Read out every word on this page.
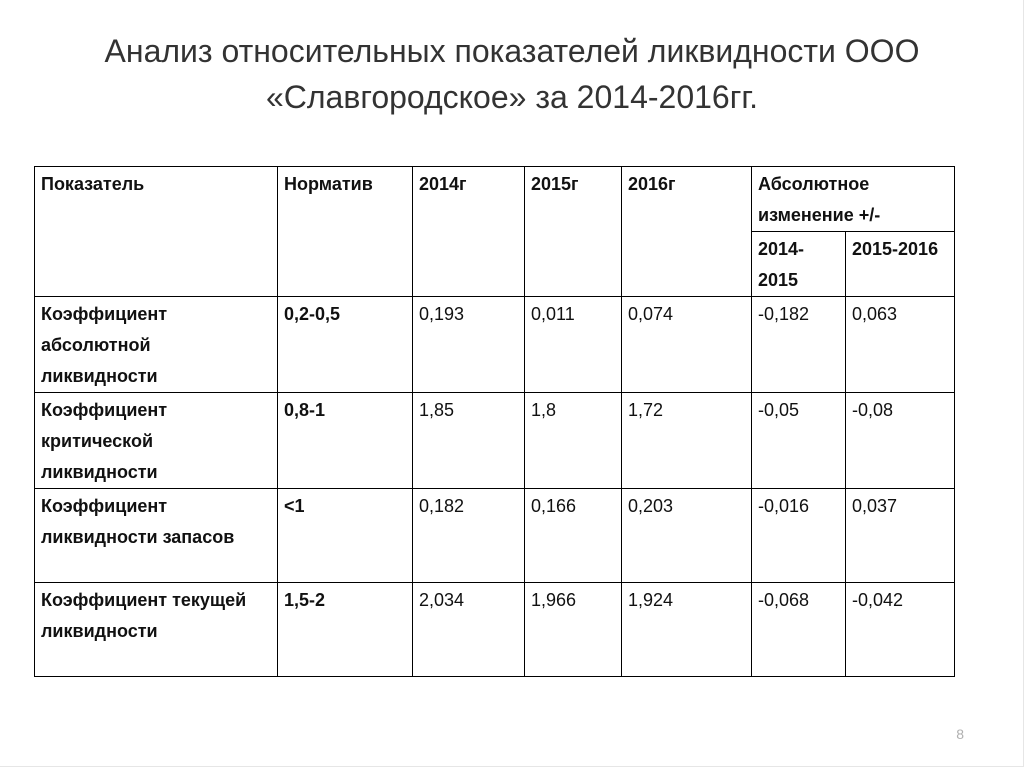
Анализ относительных показателей ликвидности ООО
«Славгородское» за 2014-2016гг.
Показатель	Норматив	2014г	2015г	2016г	Абсолютное изменение +/-	
					2014-2015	2015-2016
Коэффициент абсолютной ликвидности	0,2-0,5	0,193	0,011	0,074	-0,182	0,063
Коэффициент критической ликвидности	0,8-1	1,85	1,8	1,72	-0,05	-0,08
Коэффициент ликвидности запасов	<1	0,182	0,166	0,203	-0,016	0,037
Коэффициент текущей ликвидности	1,5-2	2,034	1,966	1,924	-0,068	-0,042
8
